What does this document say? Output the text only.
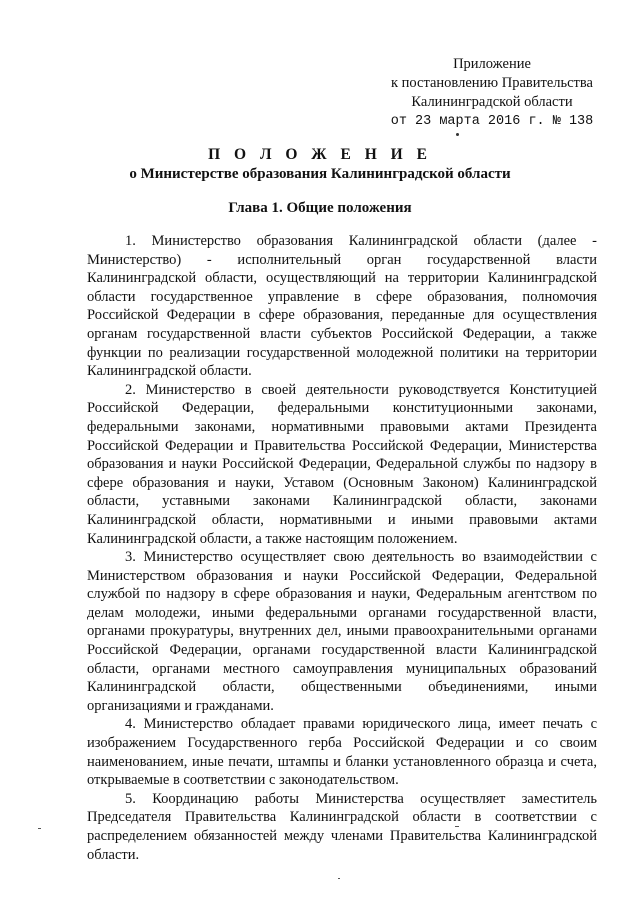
Приложение
к постановлению Правительства
Калининградской области
от 23 марта 2016 г. № 138
П О Л О Ж Е Н И Е
о Министерстве образования Калининградской области
Глава 1. Общие положения

1. Министерство образования Калининградской области (далее - Министерство) - исполнительный орган государственной власти Калининградской области, осуществляющий на территории Калининградской области государственное управление в сфере образования, полномочия Российской Федерации в сфере образования, переданные для осуществления органам государственной власти субъектов Российской Федерации, а также функции по реализации государственной молодежной политики на территории Калининградской области.

2. Министерство в своей деятельности руководствуется Конституцией Российской Федерации, федеральными конституционными законами, федеральными законами, нормативными правовыми актами Президента Российской Федерации и Правительства Российской Федерации, Министерства образования и науки Российской Федерации, Федеральной службы по надзору в сфере образования и науки, Уставом (Основным Законом) Калининградской области, уставными законами Калининградской области, законами Калининградской области, нормативными и иными правовыми актами Калининградской области, а также настоящим положением.

3. Министерство осуществляет свою деятельность во взаимодействии с Министерством образования и науки Российской Федерации, Федеральной службой по надзору в сфере образования и науки, Федеральным агентством по делам молодежи, иными федеральными органами государственной власти, органами прокуратуры, внутренних дел, иными правоохранительными органами Российской Федерации, органами государственной власти Калининградской области, органами местного самоуправления муниципальных образований Калининградской области, общественными объединениями, иными организациями и гражданами.

4. Министерство обладает правами юридического лица, имеет печать с изображением Государственного герба Российской Федерации и со своим наименованием, иные печати, штампы и бланки установленного образца и счета, открываемые в соответствии с законодательством.

5. Координацию работы Министерства осуществляет заместитель Председателя Правительства Калининградской области в соответствии с распределением обязанностей между членами Правительства Калининградской области.
